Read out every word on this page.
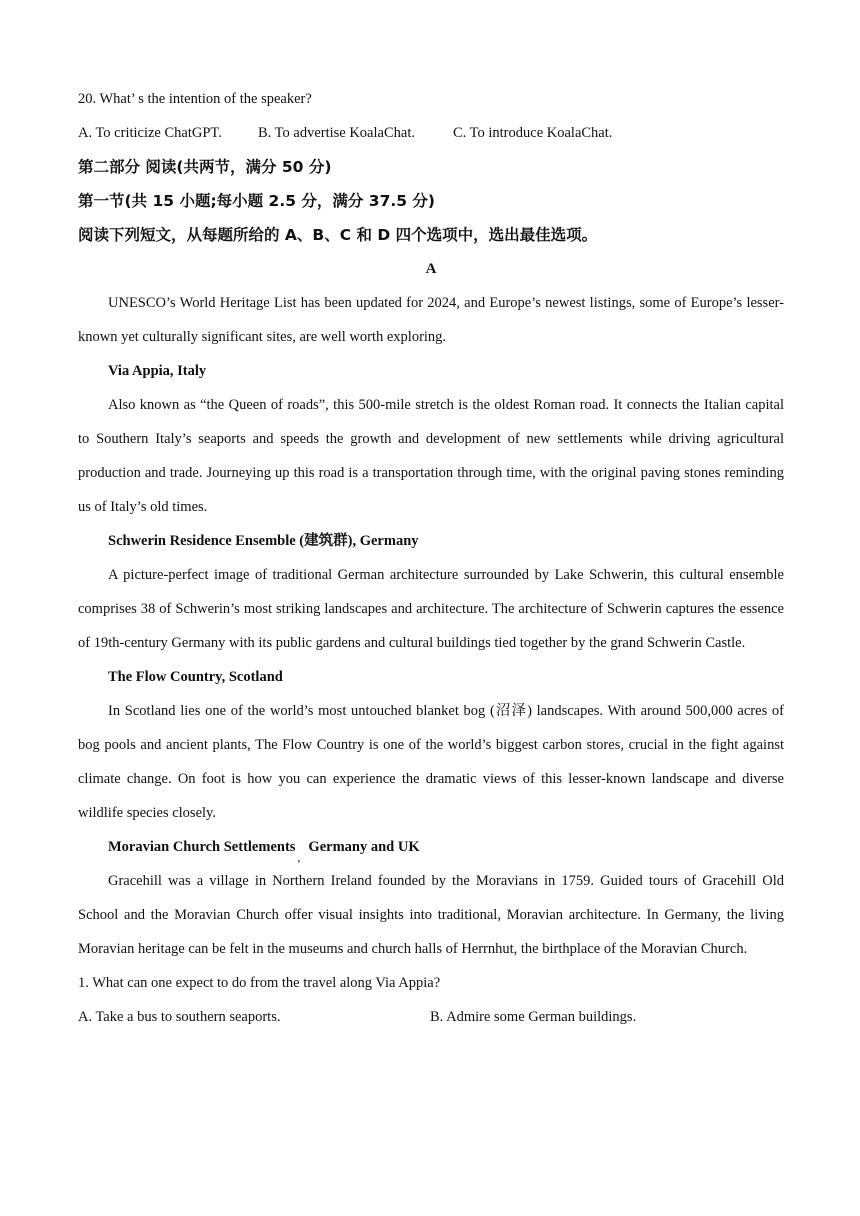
20. What’ s the intention of the speaker?

A. To criticize ChatGPT.	B. To advertise KoalaChat.	C. To introduce KoalaChat.

第二部分 阅读(共两节，满分 50 分)

第一节(共 15 小题;每小题 2.5 分，满分 37.5 分)

阅读下列短文，从每题所给的 A、B、C 和 D 四个选项中，选出最佳选项。

A

UNESCO’s World Heritage List has been updated for 2024, and Europe’s newest listings, some of Europe’s lesser-known yet culturally significant sites, are well worth exploring.

Via Appia, Italy

Also known as “the Queen of roads”, this 500-mile stretch is the oldest Roman road. It connects the Italian capital to Southern Italy’s seaports and speeds the growth and development of new settlements while driving agricultural production and trade. Journeying up this road is a transportation through time, with the original paving stones reminding us of Italy’s old times.

Schwerin Residence Ensemble (建筑群), Germany

A picture-perfect image of traditional German architecture surrounded by Lake Schwerin, this cultural ensemble comprises 38 of Schwerin’s most striking landscapes and architecture. The architecture of Schwerin captures the essence of 19th-century Germany with its public gardens and cultural buildings tied together by the grand Schwerin Castle.

The Flow Country, Scotland

In Scotland lies one of the world’s most untouched blanket bog (沼泽) landscapes. With around 500,000 acres of bog pools and ancient plants, The Flow Country is one of the world’s biggest carbon stores, crucial in the fight against climate change. On foot is how you can experience the dramatic views of this lesser-known landscape and diverse wildlife species closely.

Moravian Church Settlements,Germany and UK

Gracehill was a village in Northern Ireland founded by the Moravians in 1759. Guided tours of Gracehill Old School and the Moravian Church offer visual insights into traditional, Moravian architecture. In Germany, the living Moravian heritage can be felt in the museums and church halls of Herrnhut, the birthplace of the Moravian Church.

1. What can one expect to do from the travel along Via Appia?

A. Take a bus to southern seaports.	B. Admire some German buildings.
